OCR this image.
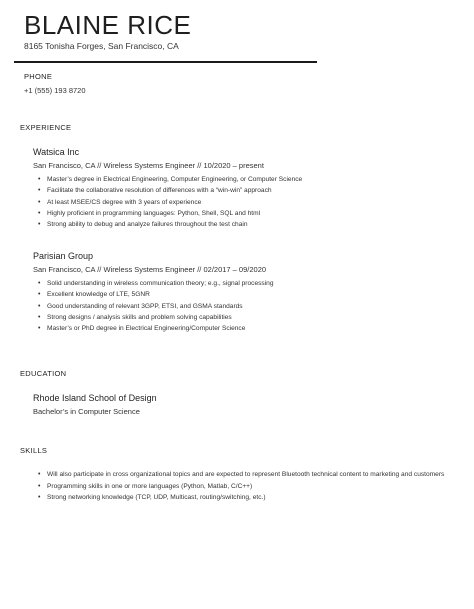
BLAINE RICE
8165 Tonisha Forges, San Francisco, CA
PHONE
+1 (555) 193 8720
EXPERIENCE
Watsica Inc
San Francisco, CA // Wireless Systems Engineer // 10/2020 – present
• Master’s degree in Electrical Engineering, Computer Engineering, or Computer Science
• Facilitate the collaborative resolution of differences with a “win-win” approach
• At least MSEE/CS degree with 3 years of experience
• Highly proficient in programming languages: Python, Shell, SQL and html
• Strong ability to debug and analyze failures throughout the test chain
Parisian Group
San Francisco, CA // Wireless Systems Engineer // 02/2017 – 09/2020
• Solid understanding in wireless communication theory; e.g., signal processing
• Excellent knowledge of LTE, 5GNR
• Good understanding of relevant 3GPP, ETSI, and GSMA standards
• Strong designs / analysis skills and problem solving capabilities
• Master’s or PhD degree in Electrical Engineering/Computer Science
EDUCATION
Rhode Island School of Design
Bachelor’s in Computer Science
SKILLS
• Will also participate in cross organizational topics and are expected to represent Bluetooth technical content to marketing and customers
• Programming skills in one or more languages (Python, Matlab, C/C++)
• Strong networking knowledge (TCP, UDP, Multicast, routing/switching, etc.)
